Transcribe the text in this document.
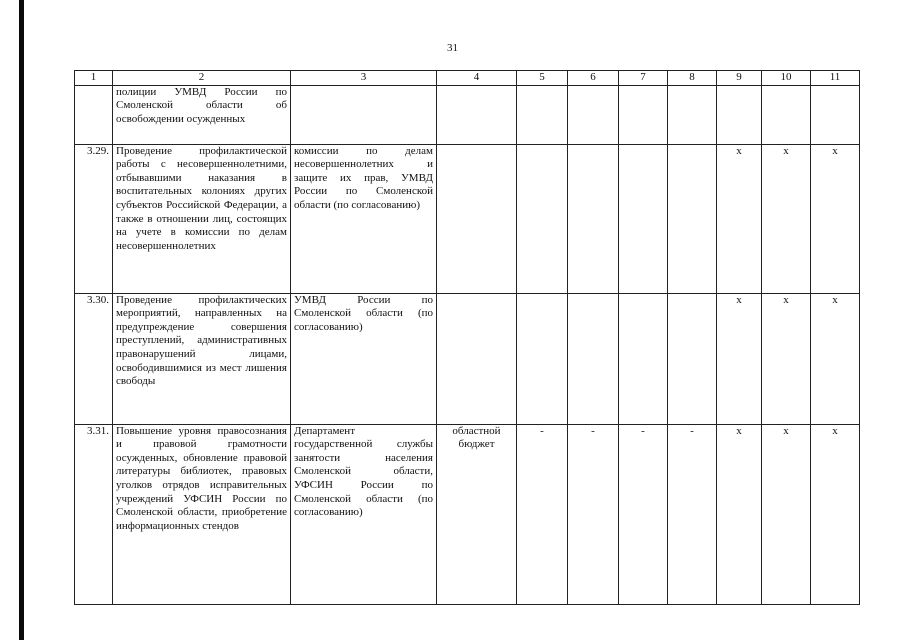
31
1	2	3	4	5	6	7	8	9	10	11
	полиции УМВД России по Смоленской области об освобождении осужденных									
3.29.	Проведение профилактической работы с несовершеннолетними, отбывавшими наказания в воспитательных колониях других субъектов Российской Федерации, а также в отношении лиц, состоящих на учете в комиссии по делам несовершеннолетних	комиссии по делам несовершеннолетних и защите их прав, УМВД России по Смоленской области (по согласованию)						x	x	x
3.30.	Проведение профилактических мероприятий, направленных на предупреждение совершения преступлений, административных правонарушений лицами, освободившимися из мест лишения свободы	УМВД России по Смоленской области (по согласованию)						x	x	x
3.31.	Повышение уровня правосознания и правовой грамотности осужденных, обновление правовой литературы библиотек, правовых уголков отрядов исправительных учреждений УФСИН России по Смоленской области, приобретение информационных стендов	Департамент государственной службы занятости населения Смоленской области, УФСИН России по Смоленской области (по согласованию)	областной бюджет	-	-	-	-	x	x	x
